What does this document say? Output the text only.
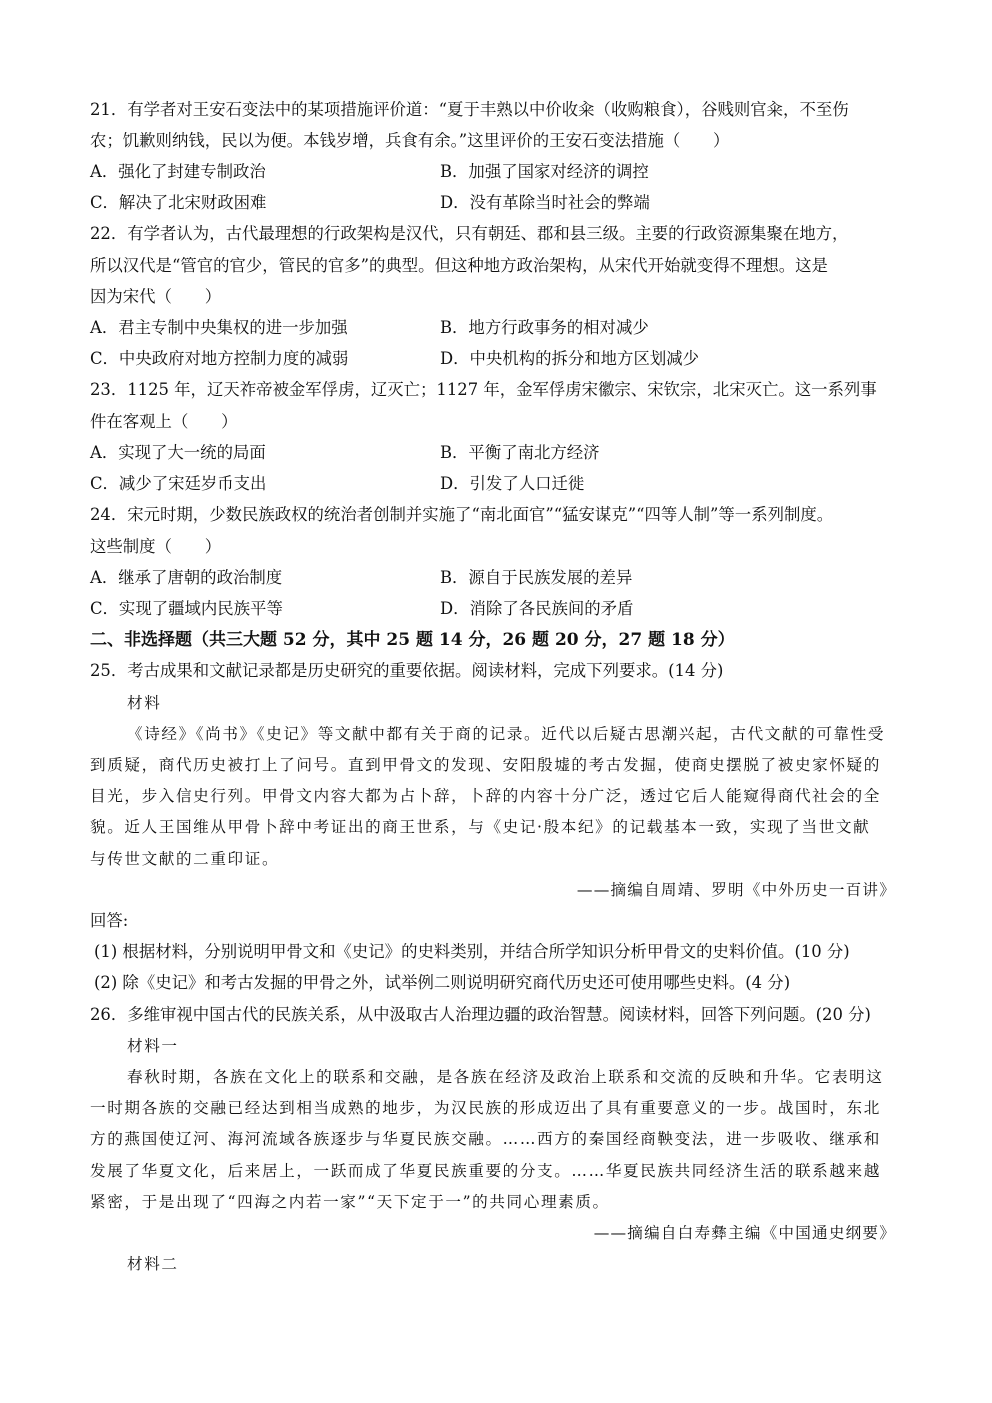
21．有学者对王安石变法中的某项措施评价道：“夏于丰熟以中价收籴（收购粮食），谷贱则官籴，不至伤
农；饥歉则纳钱，民以为便。本钱岁增，兵食有余。”这里评价的王安石变法措施（　　）
A．强化了封建专制政治	B．加强了国家对经济的调控
C．解决了北宋财政困难	D．没有革除当时社会的弊端
22．有学者认为，古代最理想的行政架构是汉代，只有朝廷、郡和县三级。主要的行政资源集聚在地方，
所以汉代是“管官的官少，管民的官多”的典型。但这种地方政治架构，从宋代开始就变得不理想。这是
因为宋代（　　）
A．君主专制中央集权的进一步加强	B．地方行政事务的相对减少
C．中央政府对地方控制力度的减弱	D．中央机构的拆分和地方区划减少
23．1125 年，辽天祚帝被金军俘虏，辽灭亡；1127 年，金军俘虏宋徽宗、宋钦宗，北宋灭亡。这一系列事
件在客观上（　　）
A．实现了大一统的局面	B．平衡了南北方经济
C．减少了宋廷岁币支出	D．引发了人口迁徙
24．宋元时期，少数民族政权的统治者创制并实施了“南北面官”“猛安谋克”“四等人制”等一系列制度。
这些制度（　　）
A．继承了唐朝的政治制度	B．源自于民族发展的差异
C．实现了疆域内民族平等	D．消除了各民族间的矛盾
二、非选择题（共三大题 52 分，其中 25 题 14 分，26 题 20 分，27 题 18 分）
25．考古成果和文献记录都是历史研究的重要依据。阅读材料，完成下列要求。(14 分)
材料
《诗经》《尚书》《史记》等文献中都有关于商的记录。近代以后疑古思潮兴起，古代文献的可靠性受
到质疑，商代历史被打上了问号。直到甲骨文的发现、安阳殷墟的考古发掘，使商史摆脱了被史家怀疑的
目光，步入信史行列。甲骨文内容大都为占卜辞，卜辞的内容十分广泛，透过它后人能窥得商代社会的全
貌。近人王国维从甲骨卜辞中考证出的商王世系，与《史记·殷本纪》的记载基本一致，实现了当世文献
与传世文献的二重印证。
——摘编自周靖、罗明《中外历史一百讲》
回答:
(1) 根据材料，分别说明甲骨文和《史记》的史料类别，并结合所学知识分析甲骨文的史料价值。(10 分)
(2) 除《史记》和考古发掘的甲骨之外，试举例二则说明研究商代历史还可使用哪些史料。(4 分)
26．多维审视中国古代的民族关系，从中汲取古人治理边疆的政治智慧。阅读材料，回答下列问题。(20 分)
材料一
春秋时期，各族在文化上的联系和交融，是各族在经济及政治上联系和交流的反映和升华。它表明这
一时期各族的交融已经达到相当成熟的地步，为汉民族的形成迈出了具有重要意义的一步。战国时，东北
方的燕国使辽河、海河流域各族逐步与华夏民族交融。……西方的秦国经商鞅变法，进一步吸收、继承和
发展了华夏文化，后来居上，一跃而成了华夏民族重要的分支。……华夏民族共同经济生活的联系越来越
紧密，于是出现了“四海之内若一家”“天下定于一”的共同心理素质。
——摘编自白寿彝主编《中国通史纲要》
材料二
